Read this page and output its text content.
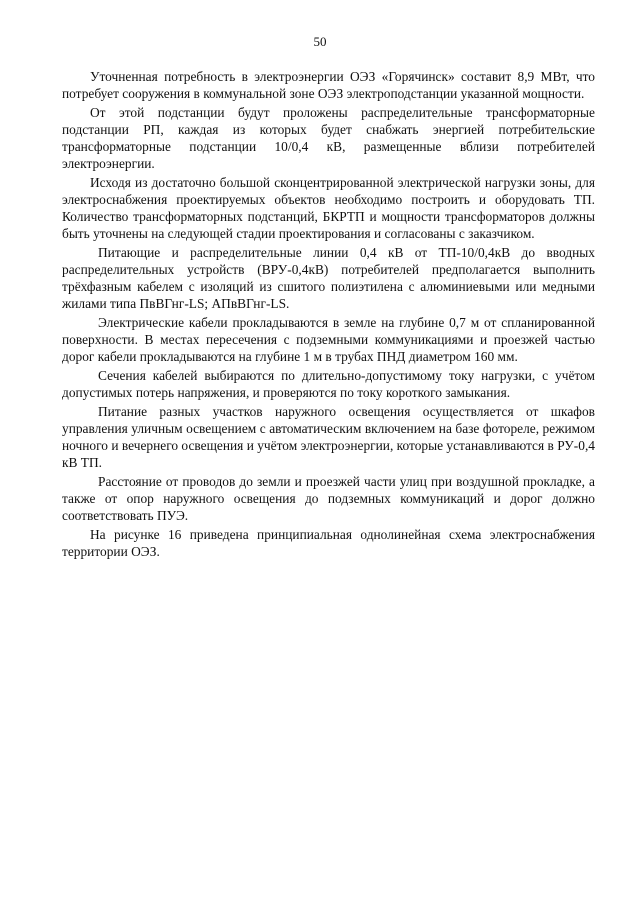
50

Уточненная потребность в электроэнергии ОЭЗ «Горячинск» составит 8,9 МВт, что потребует сооружения в коммунальной зоне ОЭЗ электроподстанции указанной мощности.

От этой подстанции будут проложены распределительные трансформаторные подстанции РП, каждая из которых будет снабжать энергией потребительские трансформаторные подстанции 10/0,4 кВ, размещенные вблизи потребителей электроэнергии.

Исходя из достаточно большой сконцентрированной электрической нагрузки зоны, для электроснабжения проектируемых объектов необходимо построить и оборудовать ТП. Количество трансформаторных подстанций, БКРТП и мощности трансформаторов должны быть уточнены на следующей стадии проектирования и согласованы с заказчиком.

Питающие и распределительные линии 0,4 кВ от ТП-10/0,4кВ до вводных распределительных устройств (ВРУ-0,4кВ) потребителей предполагается выполнить трёхфазным кабелем с изоляций из сшитого полиэтилена с алюминиевыми или медными жилами типа ПвВГнг-LS; АПвВГнг-LS.

Электрические кабели прокладываются в земле на глубине 0,7 м от спланированной поверхности. В местах пересечения с подземными коммуникациями и проезжей частью дорог кабели прокладываются на глубине 1 м в трубах ПНД диаметром 160 мм.

Сечения кабелей выбираются по длительно-допустимому току нагрузки, с учётом допустимых потерь напряжения, и проверяются по току короткого замыкания.

Питание разных участков наружного освещения осуществляется от шкафов управления уличным освещением с автоматическим включением на базе фотореле, режимом ночного и вечернего освещения и учётом электроэнергии, которые устанавливаются в РУ-0,4 кВ ТП.

Расстояние от проводов до земли и проезжей части улиц при воздушной прокладке, а также от опор наружного освещения до подземных коммуникаций и дорог должно соответствовать ПУЭ.

На рисунке 16 приведена принципиальная однолинейная схема электроснабжения территории ОЭЗ.
